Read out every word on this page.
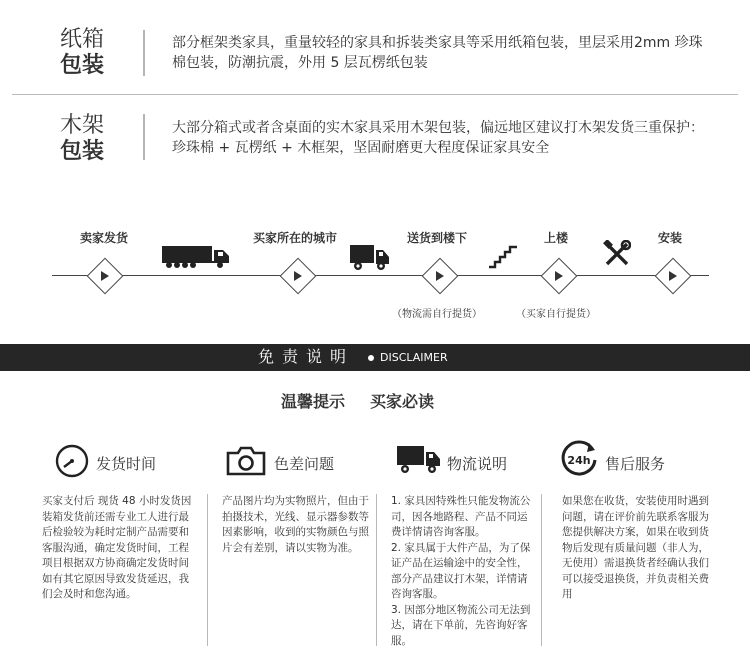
纸箱
包装
部分框架类家具，重量较轻的家具和拆装类家具等采用纸箱包装，里层采用2mm 珍珠棉包装，防潮抗震，外用 5 层瓦楞纸包装
木架
包装
大部分箱式或者含桌面的实木家具采用木架包装，偏远地区建议打木架发货三重保护：珍珠棉 + 瓦楞纸 + 木框架，坚固耐磨更大程度保证家具安全
卖家发货	买家所在的城市	送货到楼下	上楼	安装
（物流需自行提货）	（买家自行提货）
免责说明 DISCLAIMER
温馨提示 买家必读
发货时间
买家支付后 现货 48 小时发货因装箱发货前还需专业工人进行最后检验较为耗时定制产品需要和客服沟通，确定发货时间，工程项目根据双方协商确定发货时间如有其它原因导致发货延迟，我们会及时和您沟通。
色差问题
产品图片均为实物照片，但由于拍摄技术，光线、显示器参数等因素影响，收到的实物颜色与照片会有差别，请以实物为准。
物流说明
1. 家具因特殊性只能发物流公司，因各地路程、产品不同运费详情请咨询客服。
2. 家具属于大件产品，为了保证产品在运输途中的安全性，部分产品建议打木架，详情请咨询客服。
3. 因部分地区物流公司无法到达，请在下单前，先咨询好客服。
24h 售后服务
如果您在收货，安装使用时遇到问题，请在评价前先联系客服为您提供解决方案，如果在收到货物后发现有质量问题（非人为，无使用）需退换货者经确认我们可以接受退换货，并负责相关费用
